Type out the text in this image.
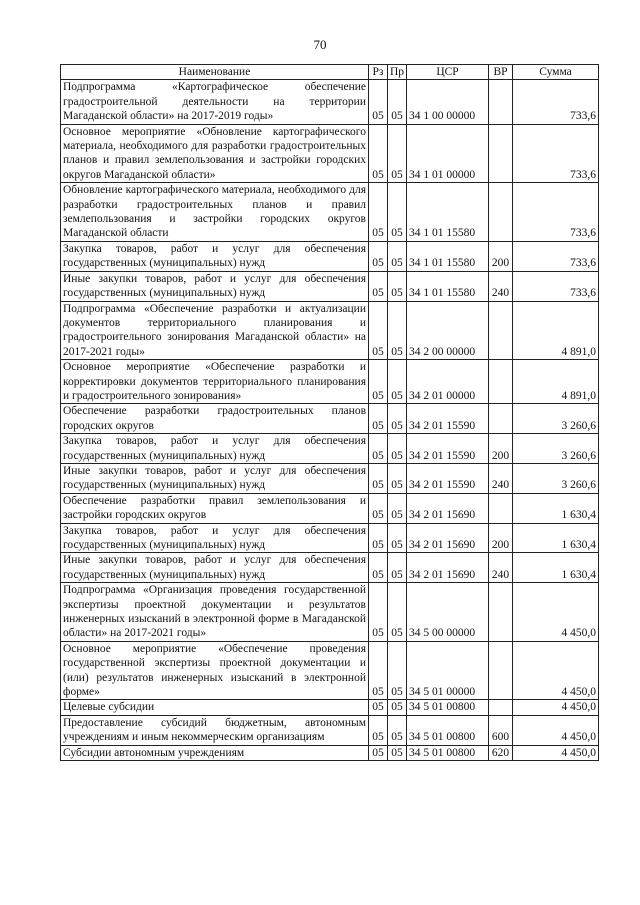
70
Наименование	Рз	Пр	ЦСР	ВР	Сумма
Подпрограмма «Картографическое обеспечение градостроительной деятельности на территории Магаданской области» на 2017-2019 годы»	05	05	34 1 00 00000		733,6
Основное мероприятие «Обновление картографического материала, необходимого для разработки градостроительных планов и правил землепользования и застройки городских округов Магаданской области»	05	05	34 1 01 00000		733,6
Обновление картографического материала, необходимого для разработки градостроительных планов и правил землепользования и застройки городских округов Магаданской области	05	05	34 1 01 15580		733,6
Закупка товаров, работ и услуг для обеспечения государственных (муниципальных) нужд	05	05	34 1 01 15580	200	733,6
Иные закупки товаров, работ и услуг для обеспечения государственных (муниципальных) нужд	05	05	34 1 01 15580	240	733,6
Подпрограмма «Обеспечение разработки и актуализации документов территориального планирования и градостроительного зонирования Магаданской области» на 2017-2021 годы»	05	05	34 2 00 00000		4 891,0
Основное мероприятие «Обеспечение разработки и корректировки документов территориального планирования и градостроительного зонирования»	05	05	34 2 01 00000		4 891,0
Обеспечение разработки градостроительных планов городских округов	05	05	34 2 01 15590		3 260,6
Закупка товаров, работ и услуг для обеспечения государственных (муниципальных) нужд	05	05	34 2 01 15590	200	3 260,6
Иные закупки товаров, работ и услуг для обеспечения государственных (муниципальных) нужд	05	05	34 2 01 15590	240	3 260,6
Обеспечение разработки правил землепользования и застройки городских округов	05	05	34 2 01 15690		1 630,4
Закупка товаров, работ и услуг для обеспечения государственных (муниципальных) нужд	05	05	34 2 01 15690	200	1 630,4
Иные закупки товаров, работ и услуг для обеспечения государственных (муниципальных) нужд	05	05	34 2 01 15690	240	1 630,4
Подпрограмма «Организация проведения государственной экспертизы проектной документации и результатов инженерных изысканий в электронной форме в Магаданской области» на 2017-2021 годы»	05	05	34 5 00 00000		4 450,0
Основное мероприятие «Обеспечение проведения государственной экспертизы проектной документации и (или) результатов инженерных изысканий в электронной форме»	05	05	34 5 01 00000		4 450,0
Целевые субсидии	05	05	34 5 01 00800		4 450,0
Предоставление субсидий бюджетным, автономным учреждениям и иным некоммерческим организациям	05	05	34 5 01 00800	600	4 450,0
Субсидии автономным учреждениям	05	05	34 5 01 00800	620	4 450,0
